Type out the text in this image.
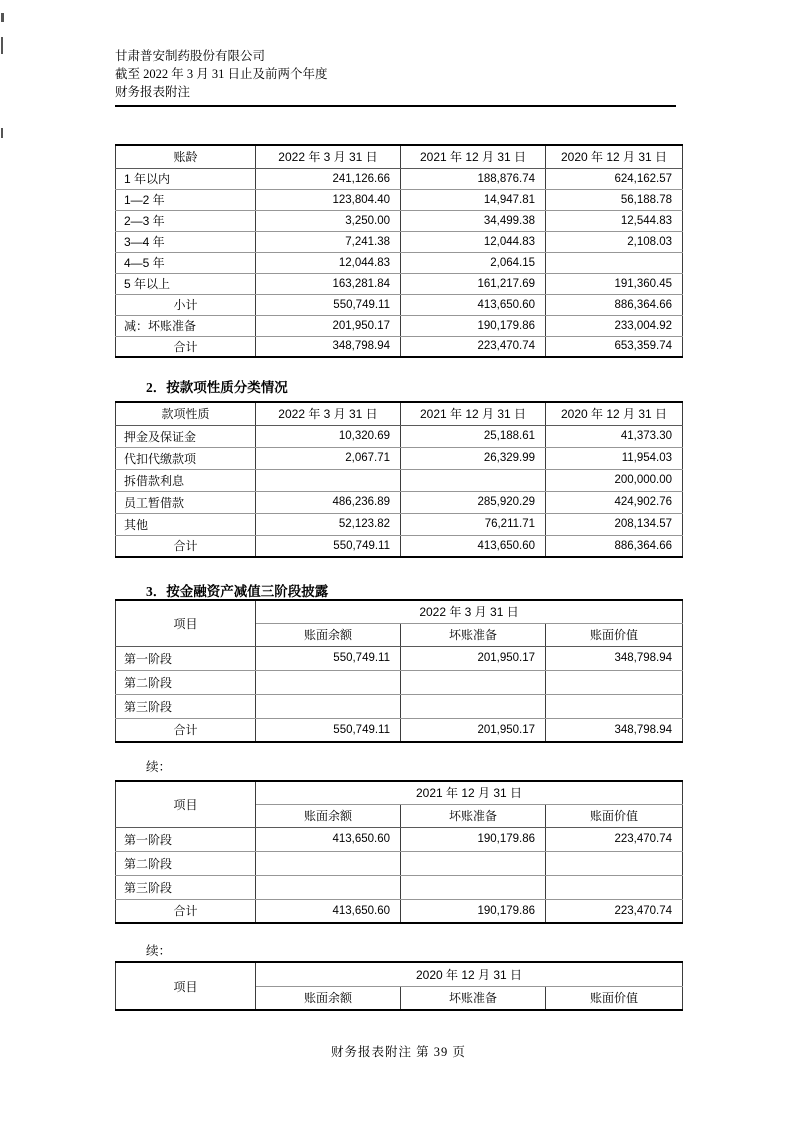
甘肃普安制药股份有限公司
截至 2022 年 3 月 31 日止及前两个年度
财务报表附注
账龄	2022 年 3 月 31 日	2021 年 12 月 31 日	2020 年 12 月 31 日
1 年以内	241,126.66	188,876.74	624,162.57
1—2 年	123,804.40	14,947.81	56,188.78
2—3 年	3,250.00	34,499.38	12,544.83
3—4 年	7,241.38	12,044.83	2,108.03
4—5 年	12,044.83	2,064.15	
5 年以上	163,281.84	161,217.69	191,360.45
小计	550,749.11	413,650.60	886,364.66
减：坏账准备	201,950.17	190,179.86	233,004.92
合计	348,798.94	223,470.74	653,359.74
2．按款项性质分类情况
款项性质	2022 年 3 月 31 日	2021 年 12 月 31 日	2020 年 12 月 31 日
押金及保证金	10,320.69	25,188.61	41,373.30
代扣代缴款项	2,067.71	26,329.99	11,954.03
拆借款利息			200,000.00
员工暂借款	486,236.89	285,920.29	424,902.76
其他	52,123.82	76,211.71	208,134.57
合计	550,749.11	413,650.60	886,364.66
3．按金融资产减值三阶段披露
项目	2022 年 3 月 31 日		
	账面余额	坏账准备	账面价值
第一阶段	550,749.11	201,950.17	348,798.94
第二阶段			
第三阶段			
合计	550,749.11	201,950.17	348,798.94
续：
项目	2021 年 12 月 31 日		
	账面余额	坏账准备	账面价值
第一阶段	413,650.60	190,179.86	223,470.74
第二阶段			
第三阶段			
合计	413,650.60	190,179.86	223,470.74
续：
项目	2020 年 12 月 31 日		
	账面余额	坏账准备	账面价值
财务报表附注 第 39 页
